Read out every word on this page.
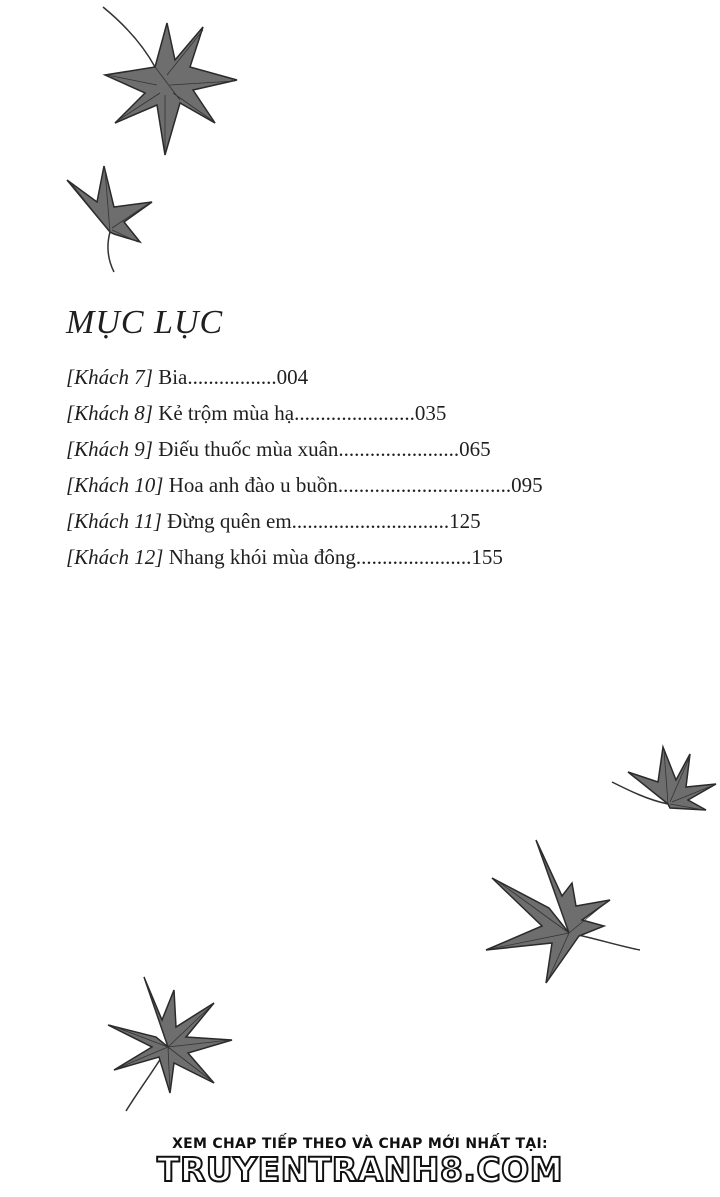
MỤC LỤC
[Khách 7] Bia.................004
[Khách 8] Kẻ trộm mùa hạ.......................035
[Khách 9] Điếu thuốc mùa xuân.......................065
[Khách 10] Hoa anh đào u buồn.................................095
[Khách 11] Đừng quên em..............................125
[Khách 12] Nhang khói mùa đông......................155
XEM CHAP TIẾP THEO VÀ CHAP MỚI NHẤT TẠI:
TRUYENTRANH8.COM
